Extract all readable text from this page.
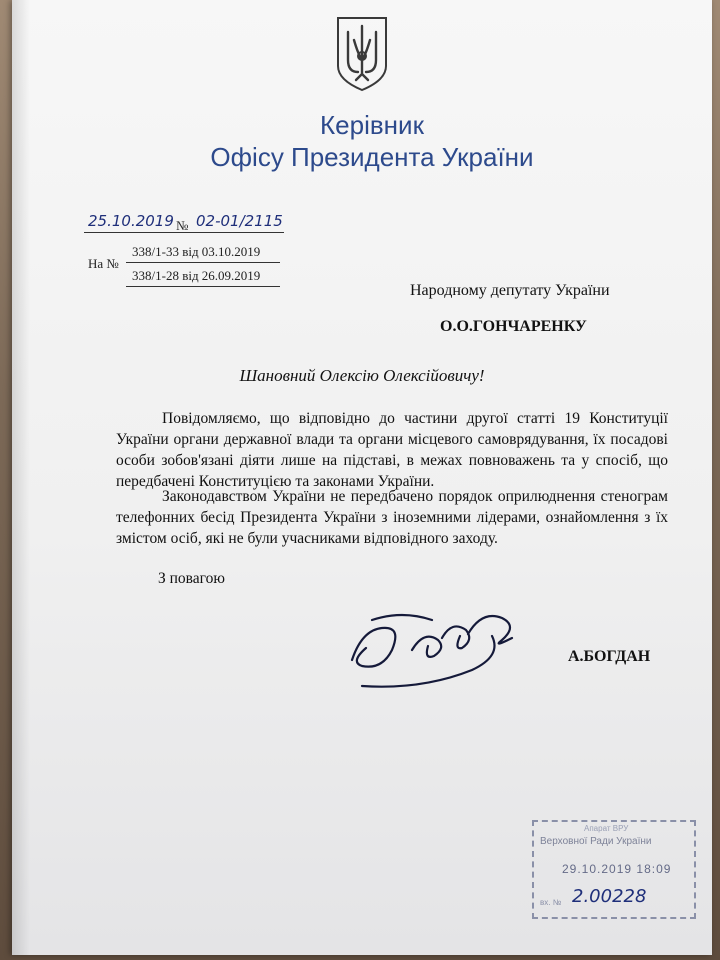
Керівник
Офісу Президента України
25.10.2019 № 02-01/2115
На №
338/1-33 від 03.10.2019
338/1-28 від 26.09.2019
Народному депутату України
О.О.ГОНЧАРЕНКУ
Шановний Олексію Олексійовичу!
Повідомляємо, що відповідно до частини другої статті 19 Конституції України органи державної влади та органи місцевого самоврядування, їх посадові особи зобов'язані діяти лише на підставі, в межах повноважень та у спосіб, що передбачені Конституцією та законами України.
Законодавством України не передбачено порядок оприлюднення стенограм телефонних бесід Президента України з іноземними лідерами, ознайомлення з їх змістом осіб, які не були учасниками відповідного заходу.
З повагою
А.БОГДАН
Апарат ВРУ
Верховної Ради України
29.10.2019 18:09
вх. № 2.00228
